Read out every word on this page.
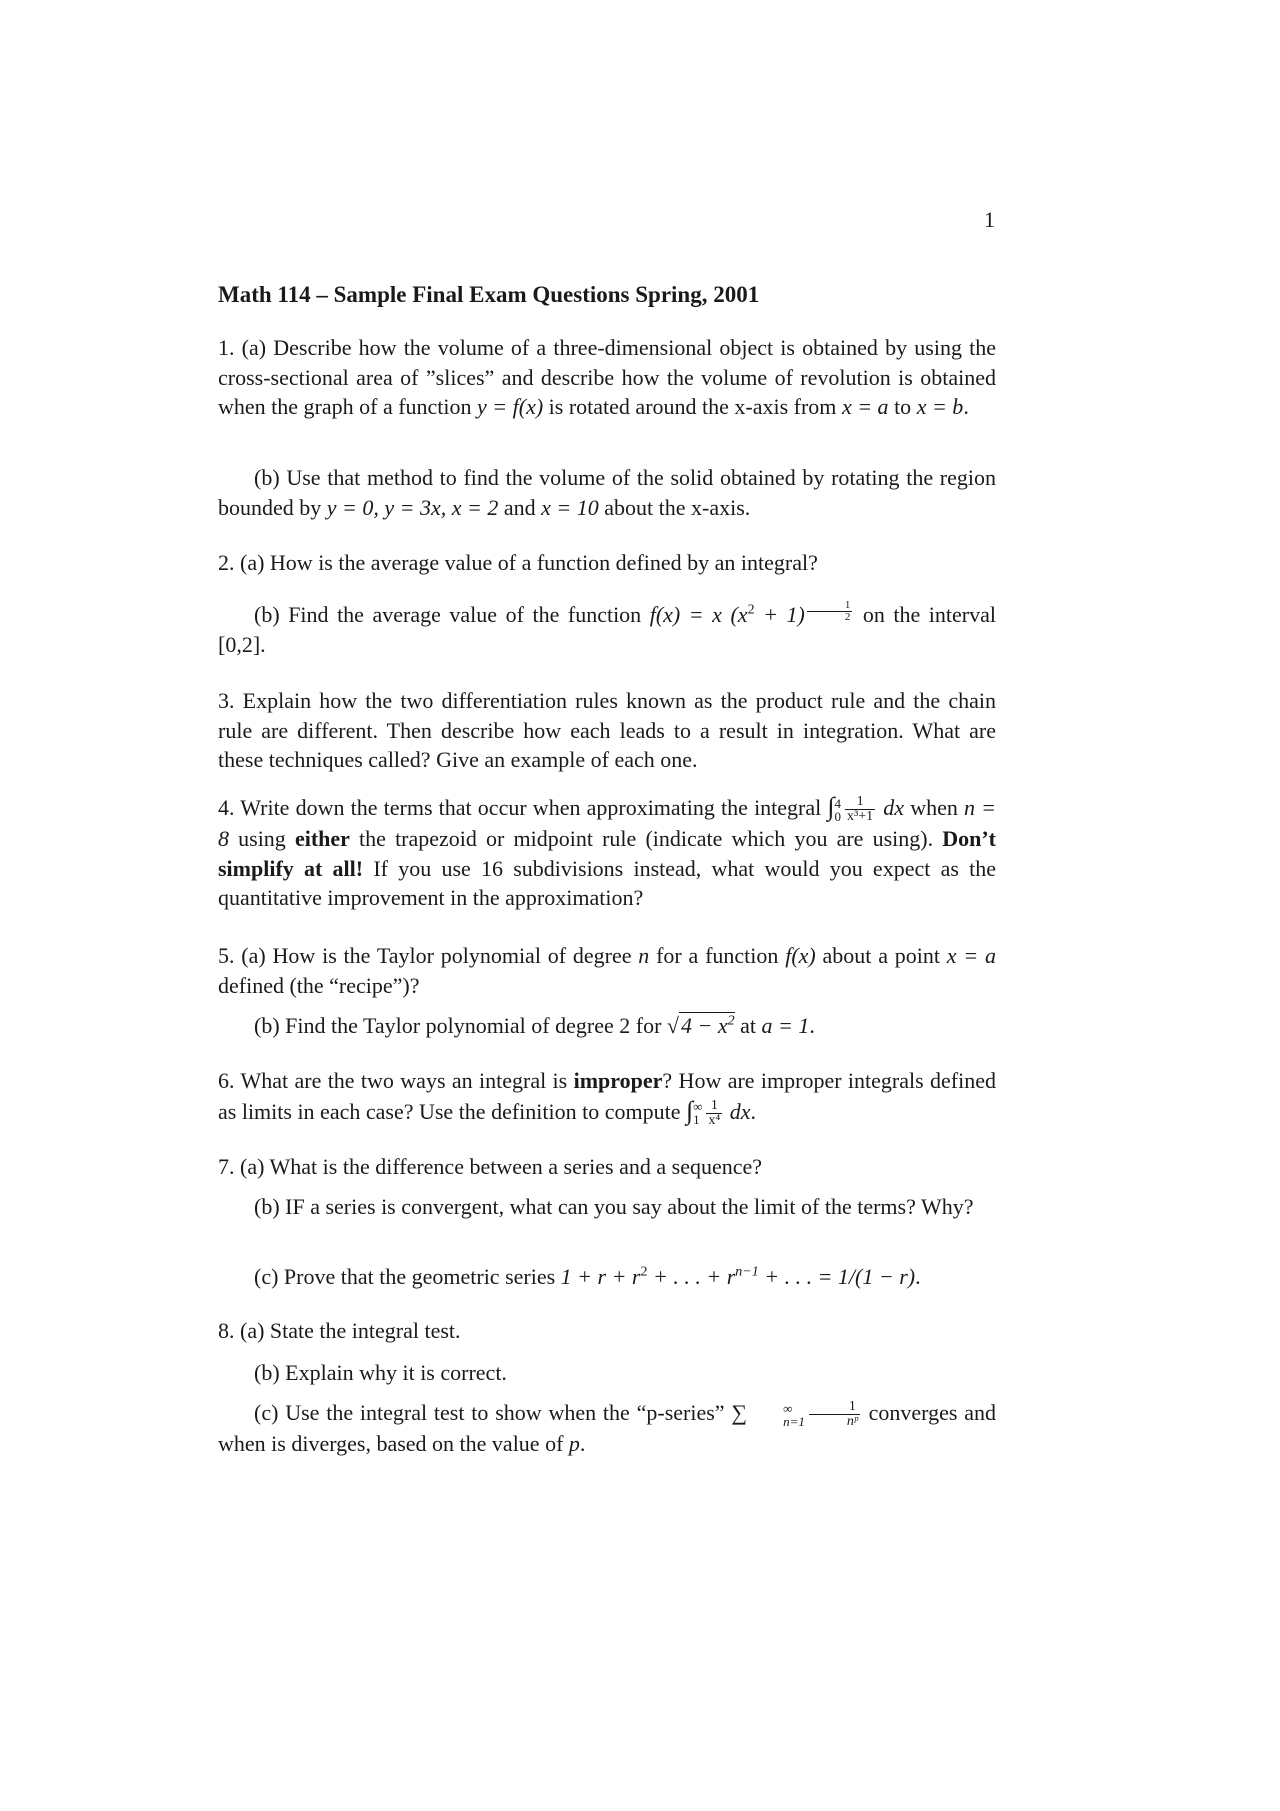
1
Math 114 – Sample Final Exam Questions Spring, 2001
1. (a) Describe how the volume of a three-dimensional object is obtained by using the cross-sectional area of ”slices” and describe how the volume of revolution is obtained when the graph of a function y = f(x) is rotated around the x-axis from x = a to x = b.
(b) Use that method to find the volume of the solid obtained by rotating the region bounded by y = 0, y = 3x, x = 2 and x = 10 about the x-axis.
2. (a) How is the average value of a function defined by an integral?
(b) Find the average value of the function f(x) = x $(x^2 + 1) \frac{1}{2}$ on the interval [0,2].
3. Explain how the two differentiation rules known as the product rule and the chain rule are different. Then describe how each leads to a result in integration. What are these techniques called? Give an example of each one.
4. Write down the terms that occur when approximating the integral ∫ 4
$0 \frac{1}{\text{x³+1}}$ dx when n = 8 using either the trapezoid or midpoint rule (indicate which you are using). Don’t simplify at all! If you use 16 subdivisions instead, what would you expect as the quantitative improvement in the approximation?
5. (a) How is the Taylor polynomial of degree n for a function f(x) about a point x = a defined (the “recipe”)?
(b) Find the Taylor polynomial of degree 2 for $√4 - x^2$ at a = 1.
6. What are the two ways an integral is improper? How are improper integrals defined as limits in each case? Use the definition to compute ∫ ∞
$1 \frac{1}{\text{x⁴}}$ dx.
7. (a) What is the difference between a series and a sequence?
(b) IF a series is convergent, what can you say about the limit of the terms? Why?
(c) Prove that the geometric series $1 + r + r^2$ + . . . + $r^{n-1}$ + . . . = 1/(1 − r).
8. (a) State the integral test.
(b) Explain why it is correct.
(c) Use the integral test to show when the “p-series” ∑	∞
$n=1 \frac{1}{\text{nᵖ}}$ converges and when is diverges, based on the value of p.
